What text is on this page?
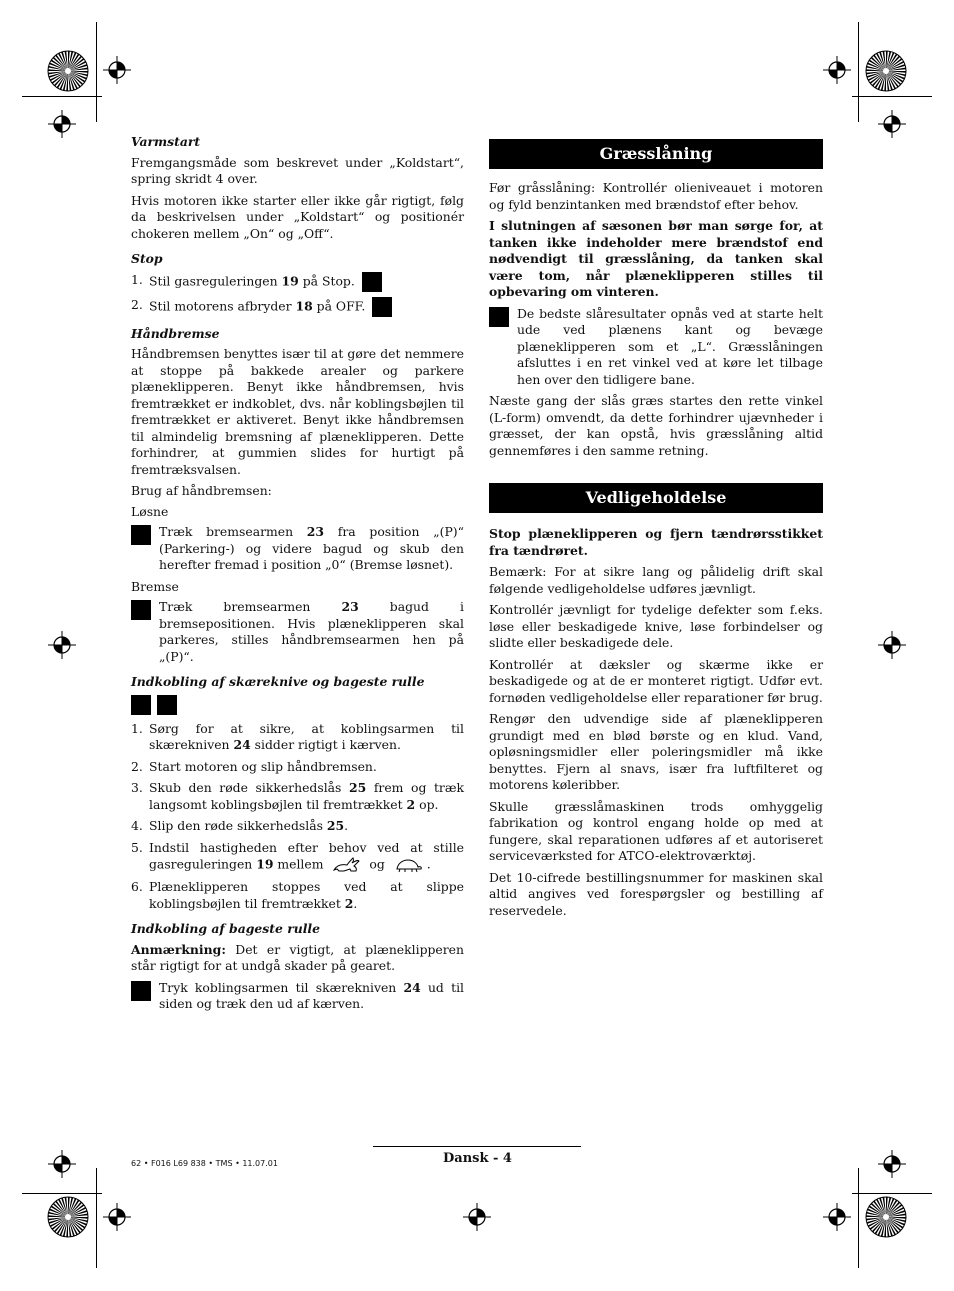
Varmstart

Fremgangsmåde som beskrevet under „Koldstart“, spring skridt 4 over.

Hvis motoren ikke starter eller ikke går rigtigt, følg da beskrivelsen under „Koldstart“ og positionér chokeren mellem „On“ og „Off“.

Stop

1. Stil gasreguleringen 19 på Stop.
2. Stil motorens afbryder 18 på OFF.

Håndbremse

Håndbremsen benyttes især til at gøre det nemmere at stoppe på bakkede arealer og parkere plæneklipperen. Benyt ikke håndbremsen, hvis fremtrækket er indkoblet, dvs. når koblingsbøjlen til fremtrækket er aktiveret. Benyt ikke håndbremsen til almindelig bremsning af plæneklipperen. Dette forhindrer, at gummien slides for hurtigt på fremtræksvalsen.

Brug af håndbremsen:

Løsne

Træk bremsearmen 23 fra position „(P)“ (Parkering-) og videre bagud og skub den herefter fremad i position „0“ (Bremse løsnet).

Bremse

Træk bremsearmen 23 bagud i bremsepositionen. Hvis plæneklipperen skal parkeres, stilles håndbremsearmen hen på „(P)“.

Indkobling af skæreknive og bageste rulle

1. Sørg for at sikre, at koblingsarmen til skærekniven 24 sidder rigtigt i kærven.
2. Start motoren og slip håndbremsen.
3. Skub den røde sikkerhedslås 25 frem og træk langsomt koblingsbøjlen til fremtrækket 2 op.
4. Slip den røde sikkerhedslås 25.
5. Indstil hastigheden efter behov ved at stille gasreguleringen 19 mellem	og	.
6. Plæneklipperen stoppes ved at slippe koblingsbøjlen til fremtrækket 2.

Indkobling af bageste rulle

Anmærkning: Det er vigtigt, at plæneklipperen står rigtigt for at undgå skader på gearet.

Tryk koblingsarmen til skærekniven 24 ud til siden og træk den ud af kærven.

Græsslåning

Før gråsslåning: Kontrollér olieniveauet i motoren og fyld benzintanken med brændstof efter behov.

I slutningen af sæsonen bør man sørge for, at tanken ikke indeholder mere brændstof end nødvendigt til græsslåning, da tanken skal være tom, når plæneklipperen stilles til opbevaring om vinteren.

De bedste slåresultater opnås ved at starte helt ude ved plænens kant og bevæge plæneklipperen som et „L“. Græsslåningen afsluttes i en ret vinkel ved at køre let tilbage hen over den tidligere bane.

Næste gang der slås græs startes den rette vinkel (L-form) omvendt, da dette forhindrer ujævnheder i græsset, der kan opstå, hvis græsslåning altid gennemføres i den samme retning.

Vedligeholdelse

Stop plæneklipperen og fjern tændrørsstikket fra tændrøret.

Bemærk: For at sikre lang og pålidelig drift skal følgende vedligeholdelse udføres jævnligt.

Kontrollér jævnligt for tydelige defekter som f.eks. løse eller beskadigede knive, løse forbindelser og slidte eller beskadigede dele.

Kontrollér at dæksler og skærme ikke er beskadigede og at de er monteret rigtigt. Udfør evt. fornøden vedligeholdelse eller reparationer før brug.

Rengør den udvendige side af plæneklipperen grundigt med en blød børste og en klud. Vand, opløsningsmidler eller poleringsmidler må ikke benyttes. Fjern al snavs, især fra luftfilteret og motorens køleribber.

Skulle græsslåmaskinen trods omhyggelig fabrikation og kontrol engang holde op med at fungere, skal reparationen udføres af et autoriseret serviceværksted for ATCO-elektroværktøj.

Det 10-cifrede bestillingsnummer for maskinen skal altid angives ved forespørgsler og bestilling af reservedele.

62 • F016 L69 838 • TMS • 11.07.01	Dansk - 4
